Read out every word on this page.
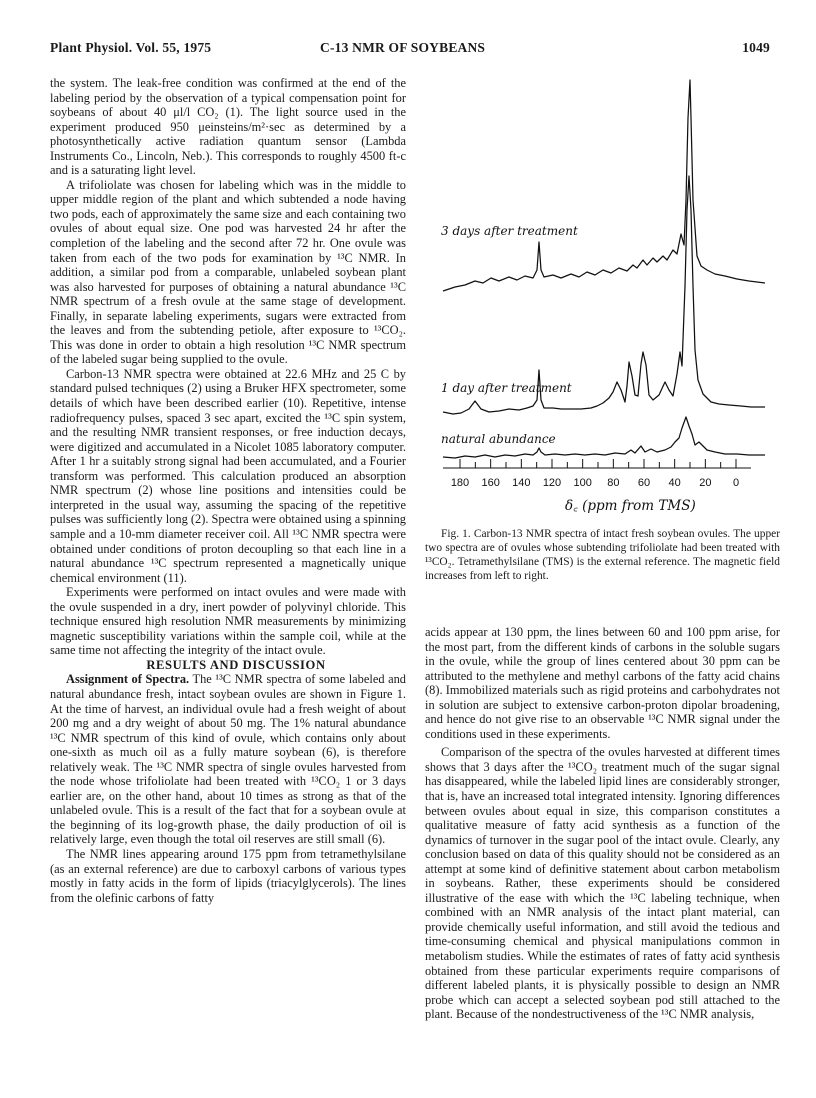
Plant Physiol. Vol. 55, 1975	C-13 NMR OF SOYBEANS	1049

the system. The leak-free condition was confirmed at the end of the labeling period by the observation of a typical compensation point for soybeans of about 40 μl/l CO₂ (1). The light source used in the experiment produced 950 μeinsteins/m²·sec as determined by a photosynthetically active radiation quantum sensor (Lambda Instruments Co., Lincoln, Neb.). This corresponds to roughly 4500 ft-c and is a saturating light level.

A trifoliolate was chosen for labeling which was in the middle to upper middle region of the plant and which subtended a node having two pods, each of approximately the same size and each containing two ovules of about equal size. One pod was harvested 24 hr after the completion of the labeling and the second after 72 hr. One ovule was taken from each of the two pods for examination by ¹³C NMR. In addition, a similar pod from a comparable, unlabeled soybean plant was also harvested for purposes of obtaining a natural abundance ¹³C NMR spectrum of a fresh ovule at the same stage of development. Finally, in separate labeling experiments, sugars were extracted from the leaves and from the subtending petiole, after exposure to ¹³CO₂. This was done in order to obtain a high resolution ¹³C NMR spectrum of the labeled sugar being supplied to the ovule.

Carbon-13 NMR spectra were obtained at 22.6 MHz and 25 C by standard pulsed techniques (2) using a Bruker HFX spectrometer, some details of which have been described earlier (10). Repetitive, intense radiofrequency pulses, spaced 3 sec apart, excited the ¹³C spin system, and the resulting NMR transient responses, or free induction decays, were digitized and accumulated in a Nicolet 1085 laboratory computer. After 1 hr a suitably strong signal had been accumulated, and a Fourier transform was performed. This calculation produced an absorption NMR spectrum (2) whose line positions and intensities could be interpreted in the usual way, assuming the spacing of the repetitive pulses was sufficiently long (2). Spectra were obtained using a spinning sample and a 10-mm diameter receiver coil. All ¹³C NMR spectra were obtained under conditions of proton decoupling so that each line in a natural abundance ¹³C spectrum represented a magnetically unique chemical environment (11).

Experiments were performed on intact ovules and were made with the ovule suspended in a dry, inert powder of polyvinyl chloride. This technique ensured high resolution NMR measurements by minimizing magnetic susceptibility variations within the sample coil, while at the same time not affecting the integrity of the intact ovule.

RESULTS AND DISCUSSION

Assignment of Spectra. The ¹³C NMR spectra of some labeled and natural abundance fresh, intact soybean ovules are shown in Figure 1. At the time of harvest, an individual ovule had a fresh weight of about 200 mg and a dry weight of about 50 mg. The 1% natural abundance ¹³C NMR spectrum of this kind of ovule, which contains only about one-sixth as much oil as a fully mature soybean (6), is therefore relatively weak. The ¹³C NMR spectra of single ovules harvested from the node whose trifoliolate had been treated with ¹³CO₂ 1 or 3 days earlier are, on the other hand, about 10 times as strong as that of the unlabeled ovule. This is a result of the fact that for a soybean ovule at the beginning of its log-growth phase, the daily production of oil is relatively large, even though the total oil reserves are still small (6).

The NMR lines appearing around 175 ppm from tetramethylsilane (as an external reference) are due to carboxyl carbons of various types mostly in fatty acids in the form of lipids (triacylglycerols). The lines from the olefinic carbons of fatty

3 days after treatment
1 day after treatment
natural abundance
180 160 140 120 100 80 60 40 20 0
δ꜀ (ppm from TMS)

Fig. 1. Carbon-13 NMR spectra of intact fresh soybean ovules. The upper two spectra are of ovules whose subtending trifoliolate had been treated with ¹³CO₂. Tetramethylsilane (TMS) is the external reference. The magnetic field increases from left to right.

acids appear at 130 ppm, the lines between 60 and 100 ppm arise, for the most part, from the different kinds of carbons in the soluble sugars in the ovule, while the group of lines centered about 30 ppm can be attributed to the methylene and methyl carbons of the fatty acid chains (8). Immobilized materials such as rigid proteins and carbohydrates not in solution are subject to extensive carbon-proton dipolar broadening, and hence do not give rise to an observable ¹³C NMR signal under the conditions used in these experiments.

Comparison of the spectra of the ovules harvested at different times shows that 3 days after the ¹³CO₂ treatment much of the sugar signal has disappeared, while the labeled lipid lines are considerably stronger, that is, have an increased total integrated intensity. Ignoring differences between ovules about equal in size, this comparison constitutes a qualitative measure of fatty acid synthesis as a function of the dynamics of turnover in the sugar pool of the intact ovule. Clearly, any conclusion based on data of this quality should not be considered as an attempt at some kind of definitive statement about carbon metabolism in soybeans. Rather, these experiments should be considered illustrative of the ease with which the ¹³C labeling technique, when combined with an NMR analysis of the intact plant material, can provide chemically useful information, and still avoid the tedious and time-consuming chemical and physical manipulations common in metabolism studies. While the estimates of rates of fatty acid synthesis obtained from these particular experiments require comparisons of different labeled plants, it is physically possible to design an NMR probe which can accept a selected soybean pod still attached to the plant. Because of the nondestructiveness of the ¹³C NMR analysis,
